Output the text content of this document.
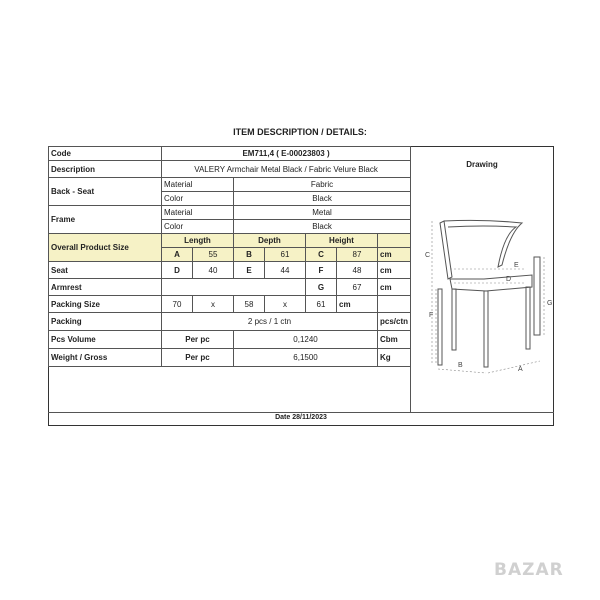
ITEM DESCRIPTION / DETAILS:
Code	EM711,4 ( E-00023803 )						
Description	VALERY Armchair Metal Black / Fabric Velure Black						
Back - Seat	Material		Fabric				
	Color		Black				
Frame	Material		Metal				
	Color		Black				
Overall Product Size	Length		Depth		Height		
	A	55	B	61	C	87	cm
Seat	D	40	E	44	F	48	cm
Armrest					G	67	cm
Packing Size	70	x	58	x	61	cm	
Packing	2 pcs / 1 ctn						pcs/ctn
Pcs Volume	Per pc		0,1240				Cbm
Weight / Gross	Per pc		6,1500				Kg
Drawing
C
F
E
D
G
B
A
Date 28/11/2023
BAZAR
